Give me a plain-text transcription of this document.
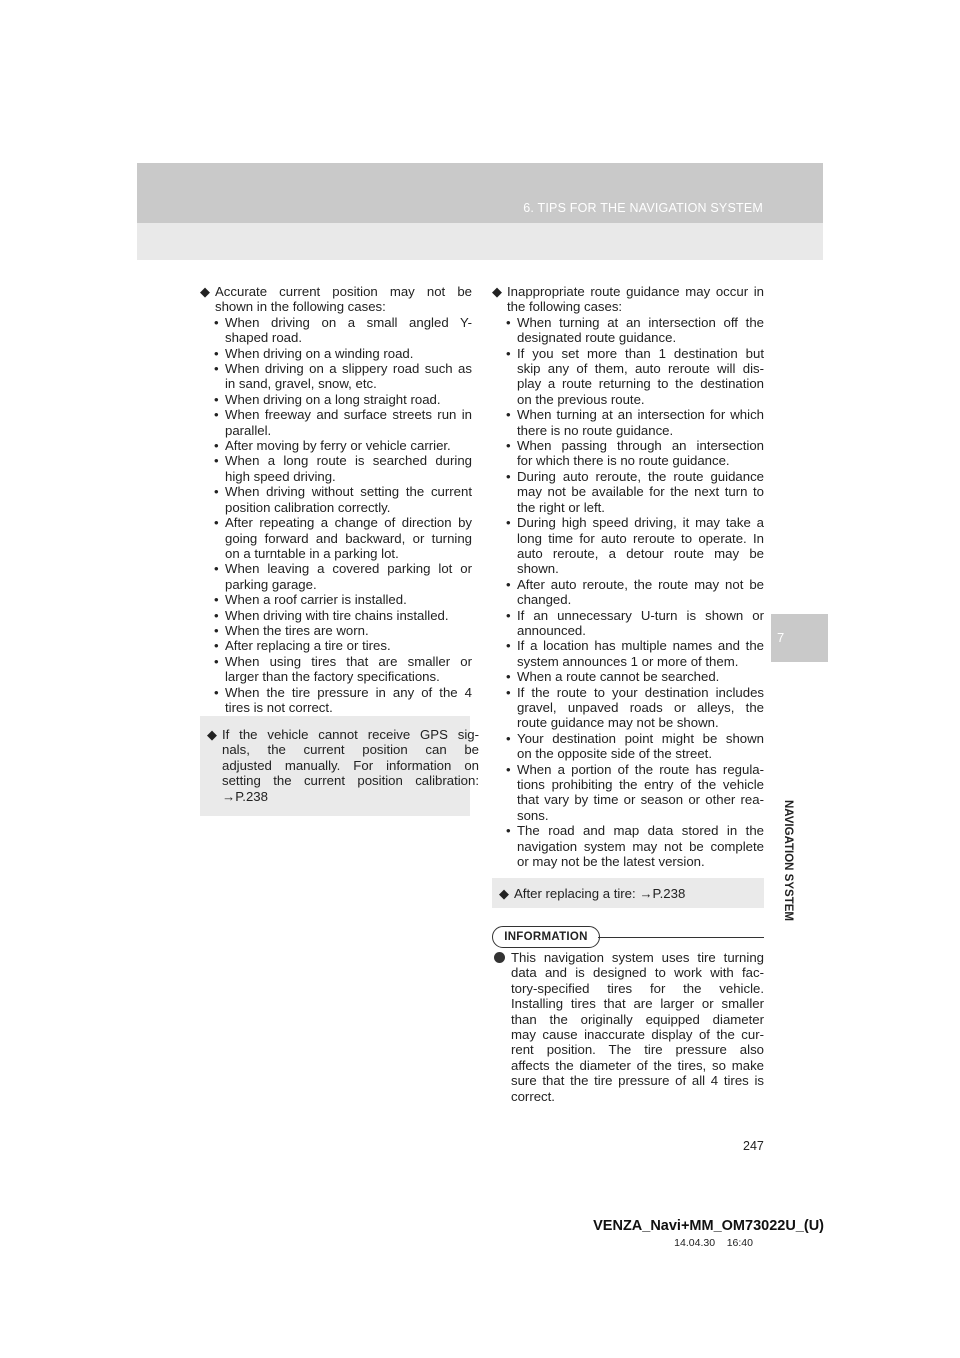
6. TIPS FOR THE NAVIGATION SYSTEM
7
NAVIGATION SYSTEM
◆ Accurate current position may not be
shown in the following cases:
• When driving on a small angled Y-
shaped road.
• When driving on a winding road.
• When driving on a slippery road such as
in sand, gravel, snow, etc.
• When driving on a long straight road.
• When freeway and surface streets run in
parallel.
• After moving by ferry or vehicle carrier.
• When a long route is searched during
high speed driving.
• When driving without setting the current
position calibration correctly.
• After repeating a change of direction by
going forward and backward, or turning
on a turntable in a parking lot.
• When leaving a covered parking lot or
parking garage.
• When a roof carrier is installed.
• When driving with tire chains installed.
• When the tires are worn.
• After replacing a tire or tires.
• When using tires that are smaller or
larger than the factory specifications.
• When the tire pressure in any of the 4
tires is not correct.
◆ If the vehicle cannot receive GPS sig-
nals, the current position can be
adjusted manually. For information on
setting the current position calibration:
→P.238
◆ Inappropriate route guidance may occur in
the following cases:
• When turning at an intersection off the
designated route guidance.
• If you set more than 1 destination but
skip any of them, auto reroute will dis-
play a route returning to the destination
on the previous route.
• When turning at an intersection for which
there is no route guidance.
• When passing through an intersection
for which there is no route guidance.
• During auto reroute, the route guidance
may not be available for the next turn to
the right or left.
• During high speed driving, it may take a
long time for auto reroute to operate. In
auto reroute, a detour route may be
shown.
• After auto reroute, the route may not be
changed.
• If an unnecessary U-turn is shown or
announced.
• If a location has multiple names and the
system announces 1 or more of them.
• When a route cannot be searched.
• If the route to your destination includes
gravel, unpaved roads or alleys, the
route guidance may not be shown.
• Your destination point might be shown
on the opposite side of the street.
• When a portion of the route has regula-
tions prohibiting the entry of the vehicle
that vary by time or season or other rea-
sons.
• The road and map data stored in the
navigation system may not be complete
or may not be the latest version.
◆ After replacing a tire: →P.238
INFORMATION
This navigation system uses tire turning
data and is designed to work with fac-
tory-specified tires for the vehicle.
Installing tires that are larger or smaller
than the originally equipped diameter
may cause inaccurate display of the cur-
rent position. The tire pressure also
affects the diameter of the tires, so make
sure that the tire pressure of all 4 tires is
correct.
247
VENZA_Navi+MM_OM73022U_(U)
14.04.30    16:40
